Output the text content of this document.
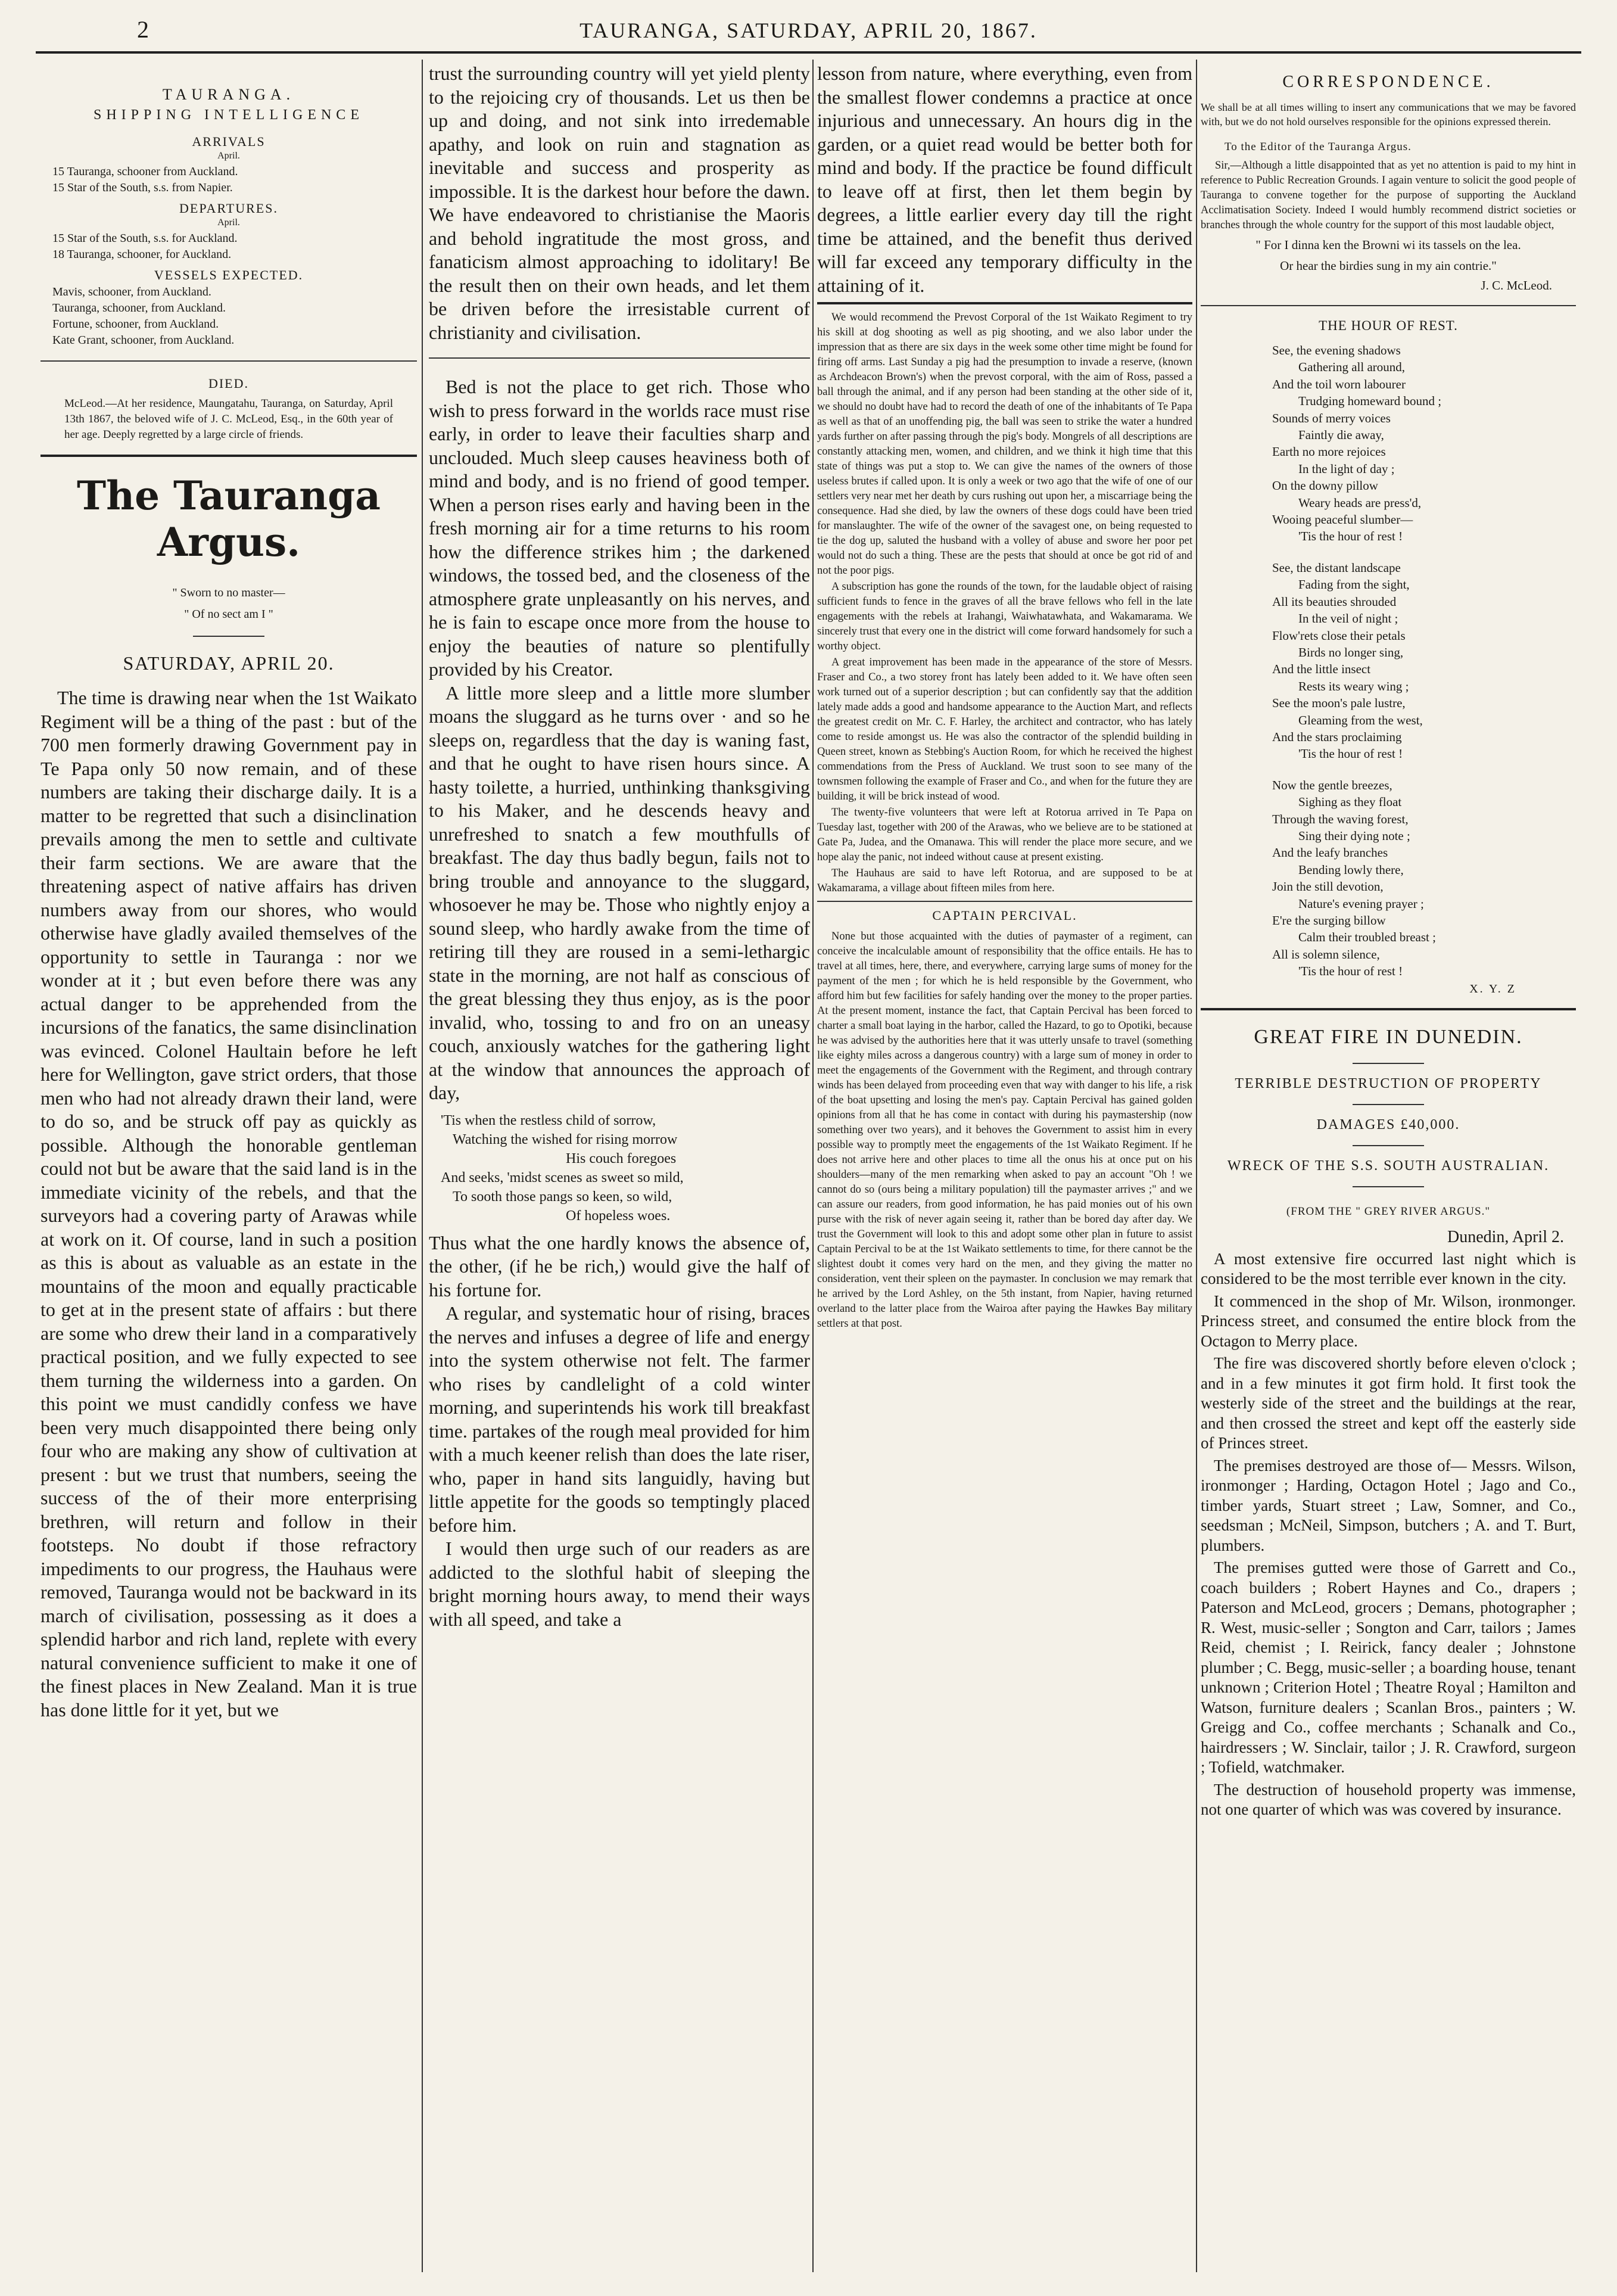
2	TAURANGA, SATURDAY, APRIL 20, 1867.
TAURANGA.
SHIPPING INTELLIGENCE
ARRIVALS
April.
15 Tauranga, schooner from Auckland.
15 Star of the South, s.s. from Napier.
DEPARTURES.
April.
15 Star of the South, s.s. for Auckland.
18 Tauranga, schooner, for Auckland.
VESSELS EXPECTED.
Mavis, schooner, from Auckland.
Tauranga, schooner, from Auckland.
Fortune, schooner, from Auckland.
Kate Grant, schooner, from Auckland.
DIED.
McLeod.—At her residence, Maungatahu, Tauranga, on Saturday, April 13th 1867, the beloved wife of J. C. McLeod, Esq., in the 60th year of her age. Deeply regretted by a large circle of friends.
The Tauranga Argus.
" Sworn to no master—
" Of no sect am I "
SATURDAY, APRIL 20.

The time is drawing near when the 1st Waikato Regiment will be a thing of the past : but of the 700 men formerly drawing Government pay in Te Papa only 50 now remain, and of these numbers are taking their discharge daily. It is a matter to be regretted that such a disinclination prevails among the men to settle and cultivate their farm sections. We are aware that the threatening aspect of native affairs has driven numbers away from our shores, who would otherwise have gladly availed themselves of the opportunity to settle in Tauranga : nor we wonder at it ; but even before there was any actual danger to be apprehended from the incursions of the fanatics, the same disinclination was evinced. Colonel Haultain before he left here for Wellington, gave strict orders, that those men who had not already drawn their land, were to do so, and be struck off pay as quickly as possible. Although the honorable gentleman could not but be aware that the said land is in the immediate vicinity of the rebels, and that the surveyors had a covering party of Arawas while at work on it. Of course, land in such a position as this is about as valuable as an estate in the mountains of the moon and equally practicable to get at in the present state of affairs : but there are some who drew their land in a comparatively practical position, and we fully expected to see them turning the wilderness into a garden. On this point we must candidly confess we have been very much disappointed there being only four who are making any show of cultivation at present : but we trust that numbers, seeing the success of the of their more enterprising brethren, will return and follow in their footsteps. No doubt if those refractory impediments to our progress, the Hauhaus were removed, Tauranga would not be backward in its march of civilisation, possessing as it does a splendid harbor and rich land, replete with every natural convenience sufficient to make it one of the finest places in New Zealand. Man it is true has done little for it yet, but we

trust the surrounding country will yet yield plenty to the rejoicing cry of thousands. Let us then be up and doing, and not sink into irredemable apathy, and look on ruin and stagnation as inevitable and success and prosperity as impossible. It is the darkest hour before the dawn. We have endeavored to christianise the Maoris and behold ingratitude the most gross, and fanaticism almost approaching to idolitary! Be the result then on their own heads, and let them be driven before the irresistable current of christianity and civilisation.

Bed is not the place to get rich. Those who wish to press forward in the worlds race must rise early, in order to leave their faculties sharp and unclouded. Much sleep causes heaviness both of mind and body, and is no friend of good temper. When a person rises early and having been in the fresh morning air for a time returns to his room how the difference strikes him ; the darkened windows, the tossed bed, and the closeness of the atmosphere grate unpleasantly on his nerves, and he is fain to escape once more from the house to enjoy the beauties of nature so plentifully provided by his Creator.

A little more sleep and a little more slumber moans the sluggard as he turns over · and so he sleeps on, regardless that the day is waning fast, and that he ought to have risen hours since. A hasty toilette, a hurried, unthinking thanksgiving to his Maker, and he descends heavy and unrefreshed to snatch a few mouthfulls of breakfast. The day thus badly begun, fails not to bring trouble and annoyance to the sluggard, whosoever he may be. Those who nightly enjoy a sound sleep, who hardly awake from the time of retiring till they are roused in a semi-lethargic state in the morning, are not half as conscious of the great blessing they thus enjoy, as is the poor invalid, who, tossing to and fro on an uneasy couch, anxiously watches for the gathering light at the window that announces the approach of day,

'Tis when the restless child of sorrow,
Watching the wished for rising morrow
His couch foregoes
And seeks, 'midst scenes as sweet so mild,
To sooth those pangs so keen, so wild,
Of hopeless woes.

Thus what the one hardly knows the absence of, the other, (if he be rich,) would give the half of his fortune for.

A regular, and systematic hour of rising, braces the nerves and infuses a degree of life and energy into the system otherwise not felt. The farmer who rises by candlelight of a cold winter morning, and superintends his work till breakfast time. partakes of the rough meal provided for him with a much keener relish than does the late riser, who, paper in hand sits languidly, having but little appetite for the goods so temptingly placed before him.

I would then urge such of our readers as are addicted to the slothful habit of sleeping the bright morning hours away, to mend their ways with all speed, and take a

lesson from nature, where everything, even from the smallest flower condemns a practice at once injurious and unnecessary. An hours dig in the garden, or a quiet read would be better both for mind and body. If the practice be found difficult to leave off at first, then let them begin by degrees, a little earlier every day till the right time be attained, and the benefit thus derived will far exceed any temporary difficulty in the attaining of it.

We would recommend the Prevost Corporal of the 1st Waikato Regiment to try his skill at dog shooting as well as pig shooting, and we also labor under the impression that as there are six days in the week some other time might be found for firing off arms. Last Sunday a pig had the presumption to invade a reserve, (known as Archdeacon Brown's) when the prevost corporal, with the aim of Ross, passed a ball through the animal, and if any person had been standing at the other side of it, we should no doubt have had to record the death of one of the inhabitants of Te Papa as well as that of an unoffending pig, the ball was seen to strike the water a hundred yards further on after passing through the pig's body. Mongrels of all descriptions are constantly attacking men, women, and children, and we think it high time that this state of things was put a stop to. We can give the names of the owners of those useless brutes if called upon. It is only a week or two ago that the wife of one of our settlers very near met her death by curs rushing out upon her, a miscarriage being the consequence. Had she died, by law the owners of these dogs could have been tried for manslaughter. The wife of the owner of the savagest one, on being requested to tie the dog up, saluted the husband with a volley of abuse and swore her poor pet would not do such a thing. These are the pests that should at once be got rid of and not the poor pigs.

A subscription has gone the rounds of the town, for the laudable object of raising sufficient funds to fence in the graves of all the brave fellows who fell in the late engagements with the rebels at Irahangi, Waiwhatawhata, and Wakamarama. We sincerely trust that every one in the district will come forward handsomely for such a worthy object.

A great improvement has been made in the appearance of the store of Messrs. Fraser and Co., a two storey front has lately been added to it. We have often seen work turned out of a superior description ; but can confidently say that the addition lately made adds a good and handsome appearance to the Auction Mart, and reflects the greatest credit on Mr. C. F. Harley, the architect and contractor, who has lately come to reside amongst us. He was also the contractor of the splendid building in Queen street, known as Stebbing's Auction Room, for which he received the highest commendations from the Press of Auckland. We trust soon to see many of the townsmen following the example of Fraser and Co., and when for the future they are building, it will be brick instead of wood.

The twenty-five volunteers that were left at Rotorua arrived in Te Papa on Tuesday last, together with 200 of the Arawas, who we believe are to be stationed at Gate Pa, Judea, and the Omanawa. This will render the place more secure, and we hope alay the panic, not indeed without cause at present existing.

The Hauhaus are said to have left Rotorua, and are supposed to be at Wakamarama, a village about fifteen miles from here.

CAPTAIN PERCIVAL.

None but those acquainted with the duties of paymaster of a regiment, can conceive the incalculable amount of responsibility that the office entails. He has to travel at all times, here, there, and everywhere, carrying large sums of money for the payment of the men ; for which he is held responsible by the Government, who afford him but few facilities for safely handing over the money to the proper parties. At the present moment, instance the fact, that Captain Percival has been forced to charter a small boat laying in the harbor, called the Hazard, to go to Opotiki, because he was advised by the authorities here that it was utterly unsafe to travel (something like eighty miles across a dangerous country) with a large sum of money in order to meet the engagements of the Government with the Regiment, and through contrary winds has been delayed from proceeding even that way with danger to his life, a risk of the boat upsetting and losing the men's pay. Captain Percival has gained golden opinions from all that he has come in contact with during his paymastership (now something over two years), and it behoves the Government to assist him in every possible way to promptly meet the engagements of the 1st Waikato Regiment. If he does not arrive here and other places to time all the onus his at once put on his shoulders—many of the men remarking when asked to pay an account "Oh ! we cannot do so (ours being a military population) till the paymaster arrives ;" and we can assure our readers, from good information, he has paid monies out of his own purse with the risk of never again seeing it, rather than be bored day after day. We trust the Government will look to this and adopt some other plan in future to assist Captain Percival to be at the 1st Waikato settlements to time, for there cannot be the slightest doubt it comes very hard on the men, and they giving the matter no consideration, vent their spleen on the paymaster. In conclusion we may remark that he arrived by the Lord Ashley, on the 5th instant, from Napier, having returned overland to the latter place from the Wairoa after paying the Hawkes Bay military settlers at that post.

CORRESPONDENCE.
We shall be at all times willing to insert any communications that we may be favored with, but we do not hold ourselves responsible for the opinions expressed therein.
To the Editor of the Tauranga Argus.

Sir,—Although a little disappointed that as yet no attention is paid to my hint in reference to Public Recreation Grounds. I again venture to solicit the good people of Tauranga to convene together for the purpose of supporting the Auckland Acclimatisation Society. Indeed I would humbly recommend district societies or branches through the whole country for the support of this most laudable object,

" For I dinna ken the Browni wi its tassels on the lea.
Or hear the birdies sung in my ain contrie."
J. C. McLeod.
THE HOUR OF REST.
See, the evening shadows
Gathering all around,
And the toil worn labourer
Trudging homeward bound ;
Sounds of merry voices
Faintly die away,
Earth no more rejoices
In the light of day ;
On the downy pillow
Weary heads are press'd,
Wooing peaceful slumber—
'Tis the hour of rest !
See, the distant landscape
Fading from the sight,
All its beauties shrouded
In the veil of night ;
Flow'rets close their petals
Birds no longer sing,
And the little insect
Rests its weary wing ;
See the moon's pale lustre,
Gleaming from the west,
And the stars proclaiming
'Tis the hour of rest !
Now the gentle breezes,
Sighing as they float
Through the waving forest,
Sing their dying note ;
And the leafy branches
Bending lowly there,
Join the still devotion,
Nature's evening prayer ;
E're the surging billow
Calm their troubled breast ;
All is solemn silence,
'Tis the hour of rest !
X. Y. Z
GREAT FIRE IN DUNEDIN.
TERRIBLE DESTRUCTION OF PROPERTY
DAMAGES £40,000.
WRECK OF THE S.S. SOUTH AUSTRALIAN.
(FROM THE " GREY RIVER ARGUS."
Dunedin, April 2.

A most extensive fire occurred last night which is considered to be the most terrible ever known in the city.

It commenced in the shop of Mr. Wilson, ironmonger. Princess street, and consumed the entire block from the Octagon to Merry place.

The fire was discovered shortly before eleven o'clock ; and in a few minutes it got firm hold. It first took the westerly side of the street and the buildings at the rear, and then crossed the street and kept off the easterly side of Princes street.

The premises destroyed are those of— Messrs. Wilson, ironmonger ; Harding, Octagon Hotel ; Jago and Co., timber yards, Stuart street ; Law, Somner, and Co., seedsman ; McNeil, Simpson, butchers ; A. and T. Burt, plumbers.

The premises gutted were those of Garrett and Co., coach builders ; Robert Haynes and Co., drapers ; Paterson and McLeod, grocers ; Demans, photographer ; R. West, music-seller ; Songton and Carr, tailors ; James Reid, chemist ; I. Reirick, fancy dealer ; Johnstone plumber ; C. Begg, music-seller ; a boarding house, tenant unknown ; Criterion Hotel ; Theatre Royal ; Hamilton and Watson, furniture dealers ; Scanlan Bros., painters ; W. Greigg and Co., coffee merchants ; Schanalk and Co., hairdressers ; W. Sinclair, tailor ; J. R. Crawford, surgeon ; Tofield, watchmaker.

The destruction of household property was immense, not one quarter of which was was covered by insurance.
